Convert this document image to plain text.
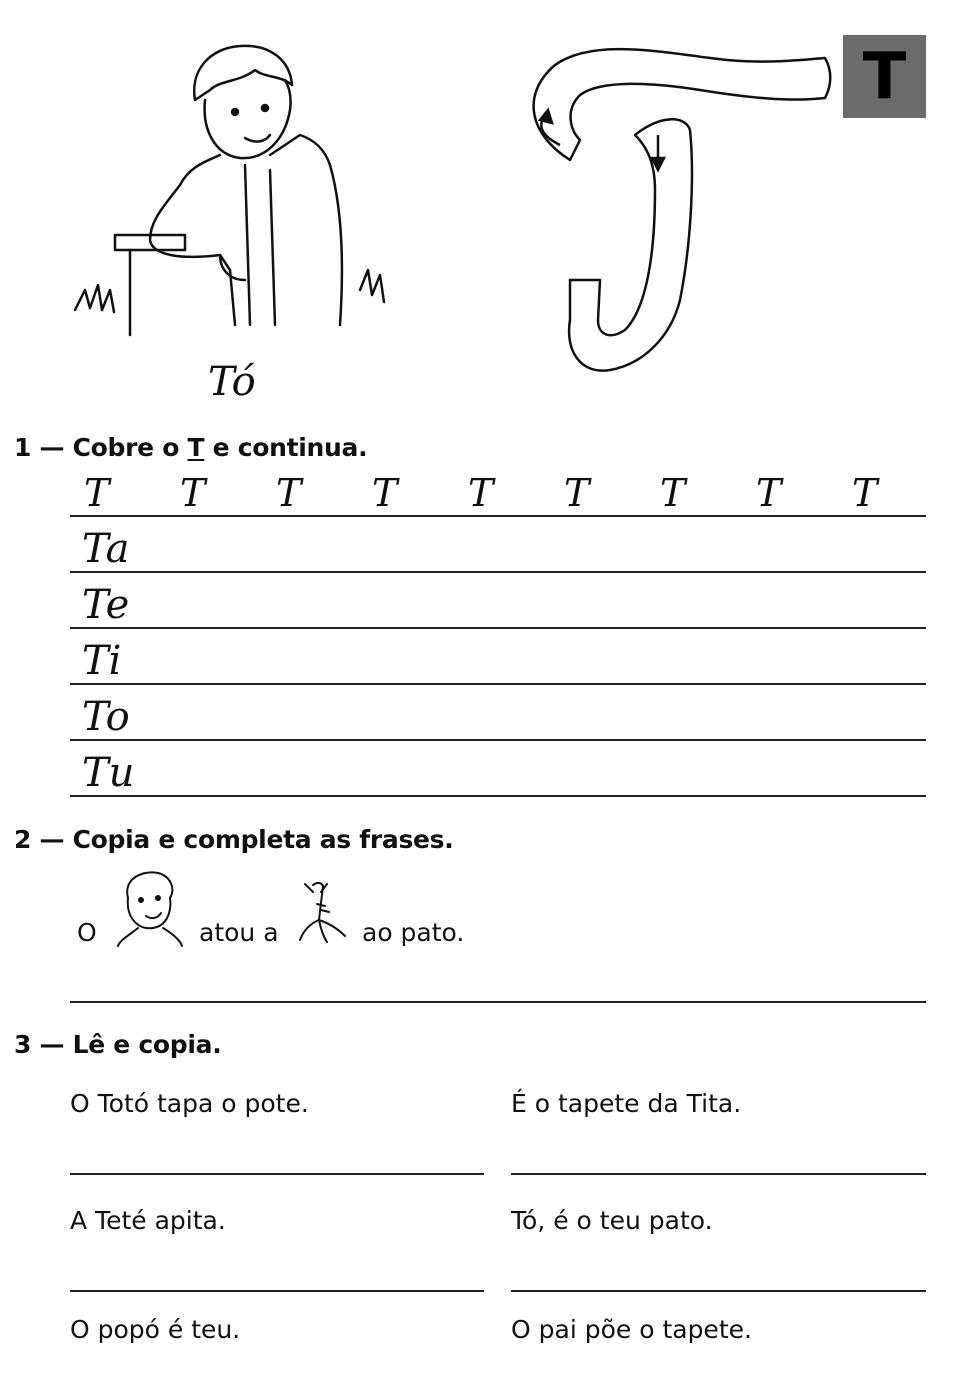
T
Tó
1 — Cobre o T e continua.
T T T T T T T T T
Ta
Te
Ti
To
Tu
2 — Copia e completa as frases.
O	atou a	ao pato.
3 — Lê e copia.
O Totó tapa o pote.	É o tapete da Tita.
A Teté apita.	Tó, é o teu pato.
O popó é teu.	O pai põe o tapete.
